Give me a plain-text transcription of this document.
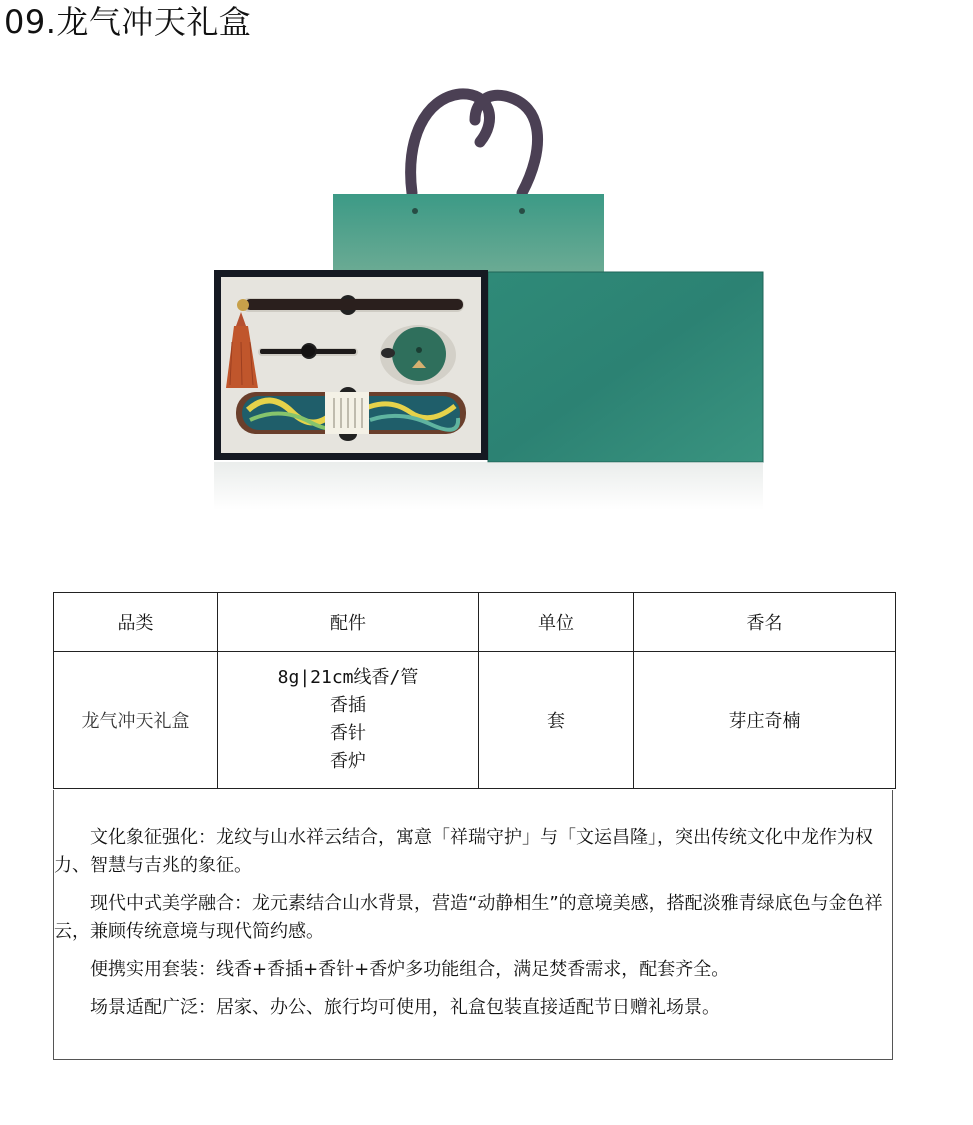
09.龙气冲天礼盒
品类	配件	单位	香名
龙气冲天礼盒	8g|21cm线香/管
香插
香针
香炉	套	芽庄奇楠

文化象征强化：龙纹与山水祥云结合，寓意「祥瑞守护」与「文运昌隆」，突出传统文化中龙作为权力、智慧与吉兆的象征。

现代中式美学融合：龙元素结合山水背景，营造“动静相生”的意境美感，搭配淡雅青绿底色与金色祥云，兼顾传统意境与现代简约感。

便携实用套装：线香+香插+香针+香炉多功能组合，满足焚香需求，配套齐全。

场景适配广泛：居家、办公、旅行均可使用，礼盒包装直接适配节日赠礼场景。
